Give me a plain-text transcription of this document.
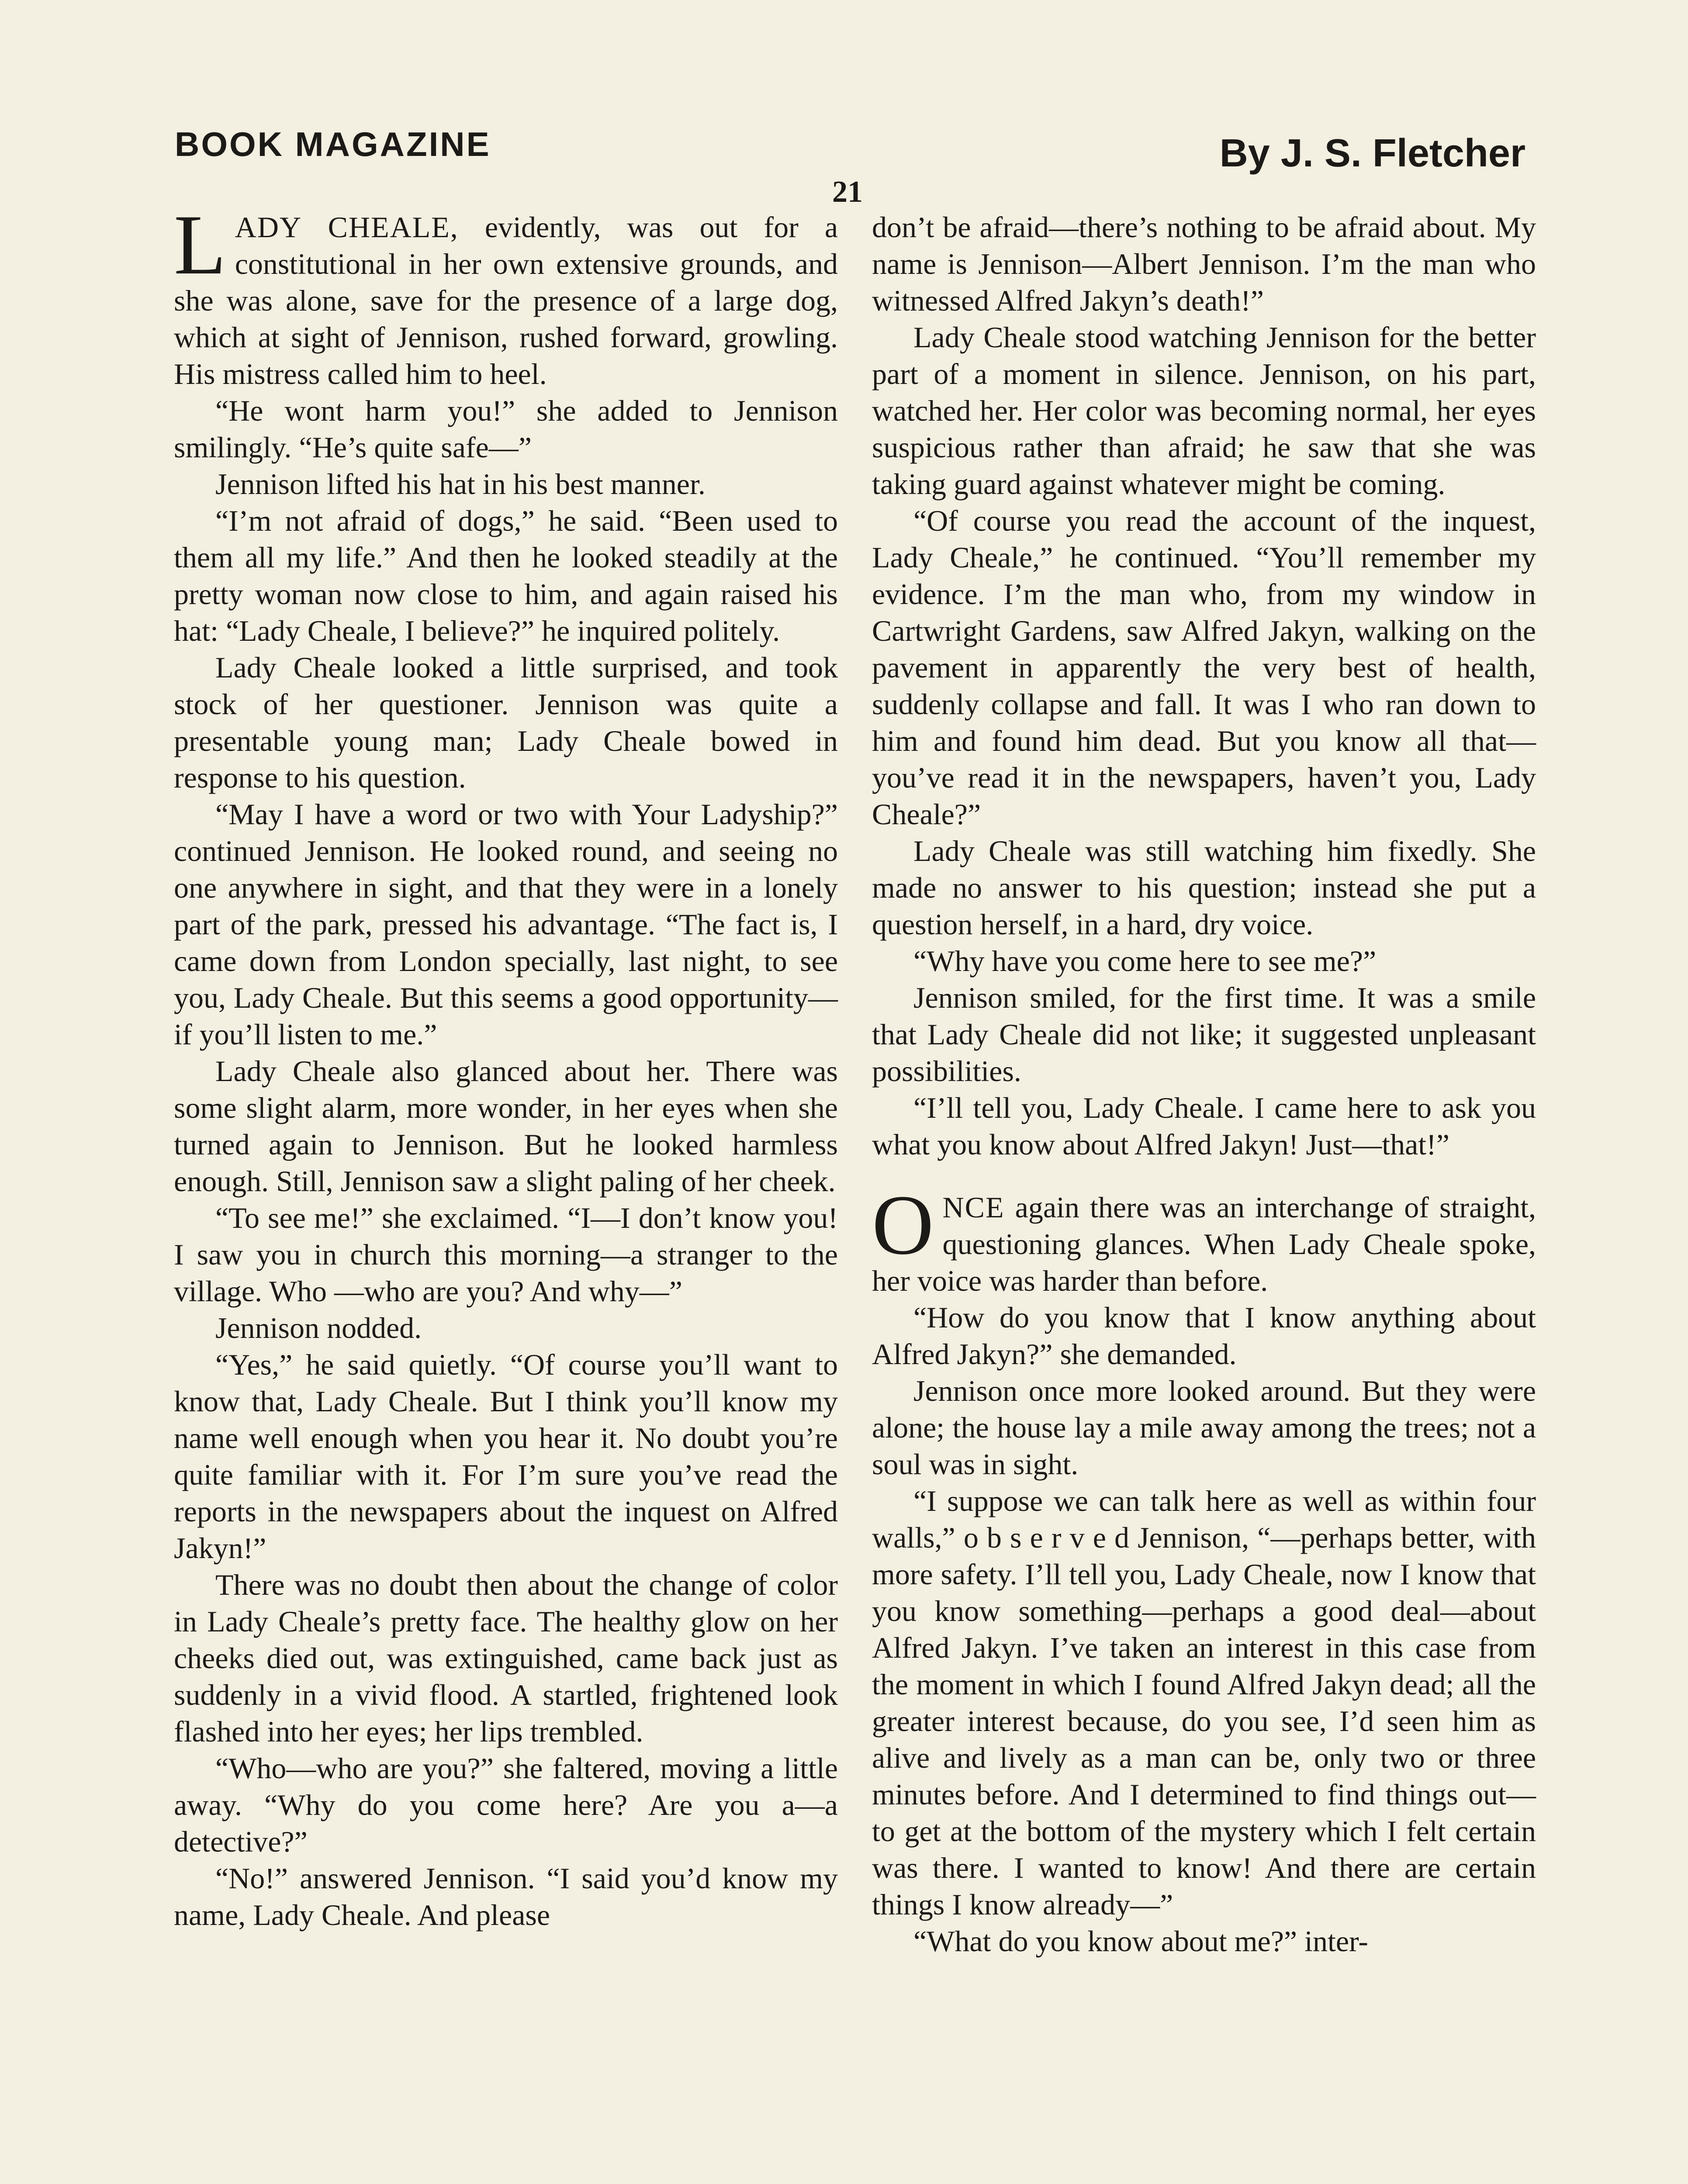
BOOK MAGAZINE	By J. S. Fletcher
21

LADY CHEALE, evidently, was out for a constitutional in her own extensive grounds, and she was alone, save for the presence of a large dog, which at sight of Jennison, rushed forward, growling. His mistress called him to heel.

“He wont harm you!” she added to Jennison smilingly. “He’s quite safe—”

Jennison lifted his hat in his best manner.

“I’m not afraid of dogs,” he said. “Been used to them all my life.” And then he looked steadily at the pretty woman now close to him, and again raised his hat: “Lady Cheale, I believe?” he inquired politely.

Lady Cheale looked a little surprised, and took stock of her questioner. Jennison was quite a presentable young man; Lady Cheale bowed in response to his question.

“May I have a word or two with Your Ladyship?” continued Jennison. He looked round, and seeing no one anywhere in sight, and that they were in a lonely part of the park, pressed his advantage. “The fact is, I came down from London specially, last night, to see you, Lady Cheale. But this seems a good opportunity—if you’ll listen to me.”

Lady Cheale also glanced about her. There was some slight alarm, more wonder, in her eyes when she turned again to Jennison. But he looked harmless enough. Still, Jennison saw a slight paling of her cheek.

“To see me!” she exclaimed. “I—I don’t know you! I saw you in church this morning—a stranger to the village. Who —who are you? And why—”

Jennison nodded.

“Yes,” he said quietly. “Of course you’ll want to know that, Lady Cheale. But I think you’ll know my name well enough when you hear it. No doubt you’re quite familiar with it. For I’m sure you’ve read the reports in the newspapers about the inquest on Alfred Jakyn!”

There was no doubt then about the change of color in Lady Cheale’s pretty face. The healthy glow on her cheeks died out, was extinguished, came back just as suddenly in a vivid flood. A startled, frightened look flashed into her eyes; her lips trembled.

“Who—who are you?” she faltered, moving a little away. “Why do you come here? Are you a—a detective?”

“No!” answered Jennison. “I said you’d know my name, Lady Cheale. And please

don’t be afraid—there’s nothing to be afraid about. My name is Jennison—Albert Jennison. I’m the man who witnessed Alfred Jakyn’s death!”

Lady Cheale stood watching Jennison for the better part of a moment in silence. Jennison, on his part, watched her. Her color was becoming normal, her eyes suspicious rather than afraid; he saw that she was taking guard against whatever might be coming.

“Of course you read the account of the inquest, Lady Cheale,” he continued. “You’ll remember my evidence. I’m the man who, from my window in Cartwright Gardens, saw Alfred Jakyn, walking on the pavement in apparently the very best of health, suddenly collapse and fall. It was I who ran down to him and found him dead. But you know all that—you’ve read it in the newspapers, haven’t you, Lady Cheale?”

Lady Cheale was still watching him fixedly. She made no answer to his question; instead she put a question herself, in a hard, dry voice.

“Why have you come here to see me?”

Jennison smiled, for the first time. It was a smile that Lady Cheale did not like; it suggested unpleasant possibilities.

“I’ll tell you, Lady Cheale. I came here to ask you what you know about Alfred Jakyn! Just—that!”

ONCE again there was an interchange of straight, questioning glances. When Lady Cheale spoke, her voice was harder than before.

“How do you know that I know anything about Alfred Jakyn?” she demanded.

Jennison once more looked around. But they were alone; the house lay a mile away among the trees; not a soul was in sight.

“I suppose we can talk here as well as within four walls,” o b s e r v e d Jennison, “—perhaps better, with more safety. I’ll tell you, Lady Cheale, now I know that you know something—perhaps a good deal—about Alfred Jakyn. I’ve taken an interest in this case from the moment in which I found Alfred Jakyn dead; all the greater interest because, do you see, I’d seen him as alive and lively as a man can be, only two or three minutes before. And I determined to find things out—to get at the bottom of the mystery which I felt certain was there. I wanted to know! And there are certain things I know already—”

“What do you know about me?” inter-
